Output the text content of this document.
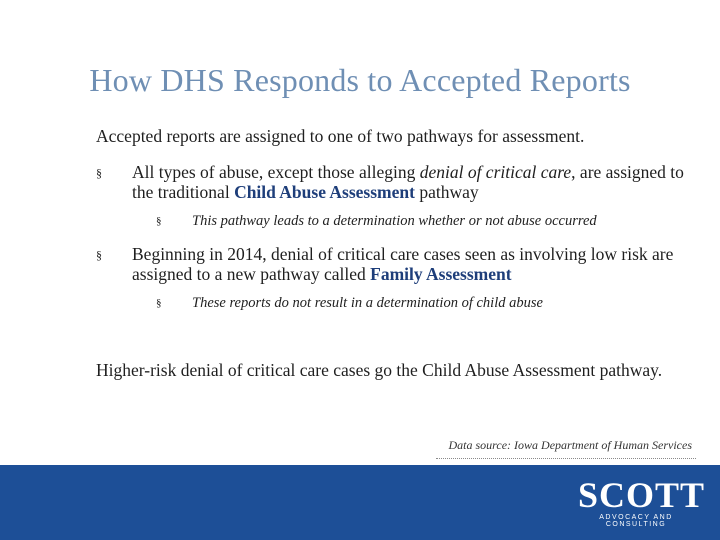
How DHS Responds to Accepted Reports

Accepted reports are assigned to one of two pathways for assessment.

§ All types of abuse, except those alleging denial of critical care, are assigned to the traditional Child Abuse Assessment pathway
§ This pathway leads to a determination whether or not abuse occurred
§ Beginning in 2014, denial of critical care cases seen as involving low risk are assigned to a new pathway called Family Assessment
§ These reports do not result in a determination of child abuse

Higher-risk denial of critical care cases go the Child Abuse Assessment pathway.

Data source: Iowa Department of Human Services
SCOTT
ADVOCACY AND CONSULTING
